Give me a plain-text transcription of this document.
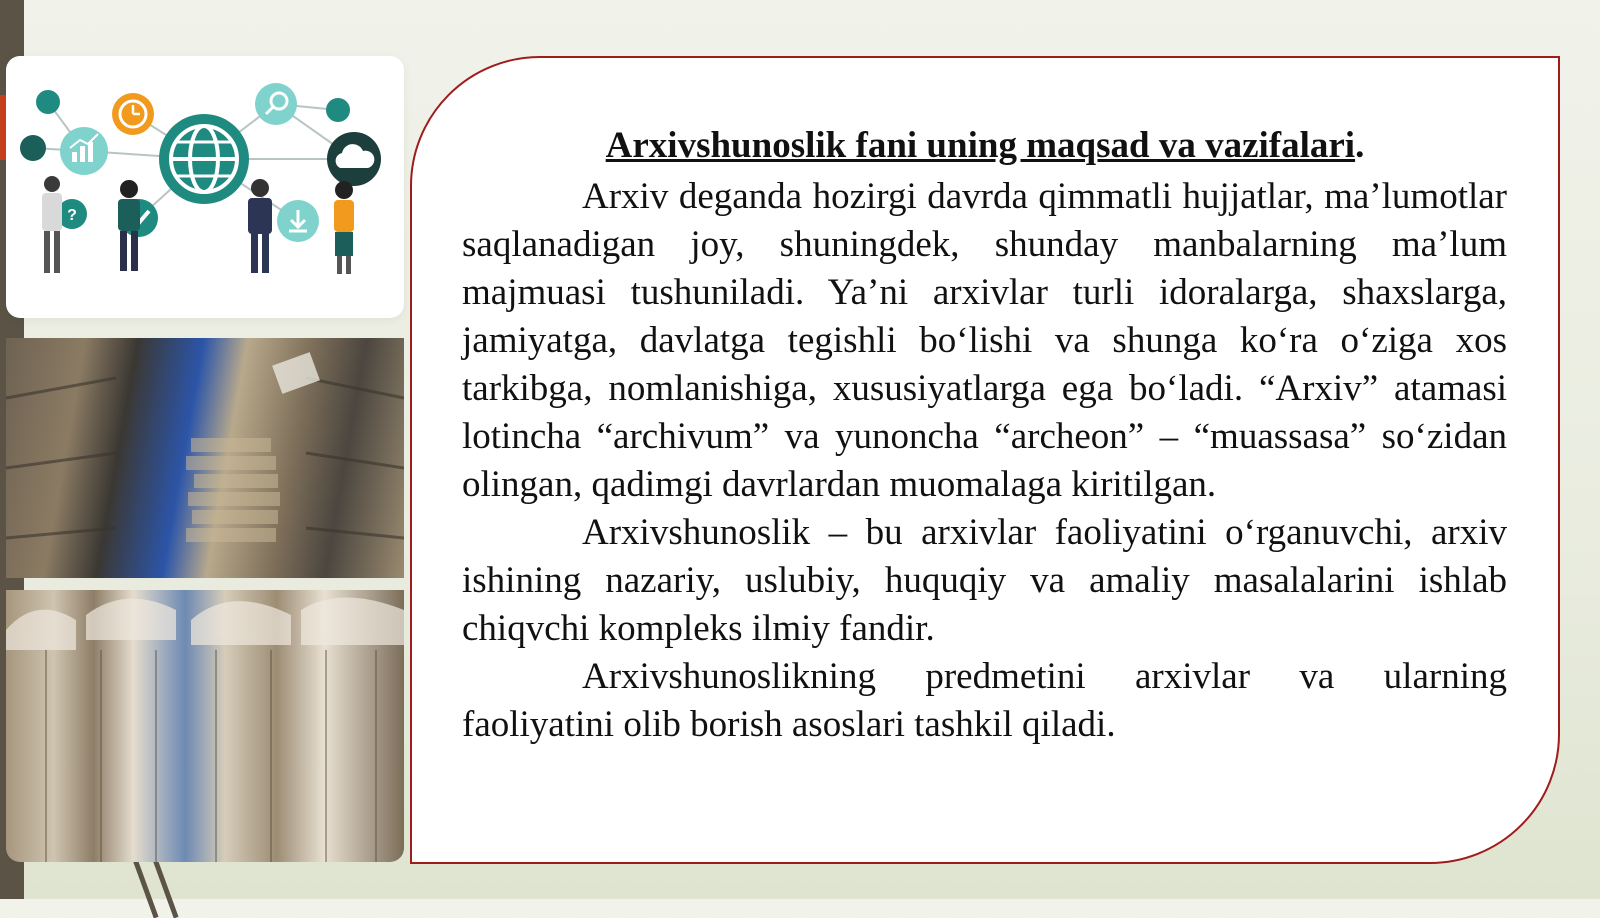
?
Arxivshunoslik fani uning maqsad va vazifalari.

Arxiv deganda hozirgi davrda qimmatli hujjatlar, ma’lumotlar saqlanadigan joy, shuningdek, shunday manbalarning ma’lum majmuasi tushuniladi. Ya’ni arxivlar turli idoralarga, shaxslarga, jamiyatga, davlatga tegishli bo‘lishi va shunga ko‘ra o‘ziga xos tarkibga, nomlanishiga, xususiyatlarga ega bo‘ladi. “Arxiv” atamasi lotincha “archivum” va yunoncha “archeon” – “muassasa” so‘zidan olingan, qadimgi davrlardan muomalaga kiritilgan.

Arxivshunoslik – bu arxivlar faoliyatini o‘rganuvchi, arxiv ishining nazariy, uslubiy, huquqiy va amaliy masalalarini ishlab chiqvchi kompleks ilmiy fandir.

Arxivshunoslikning predmetini arxivlar va ularning faoliyatini olib borish asoslari tashkil qiladi.
